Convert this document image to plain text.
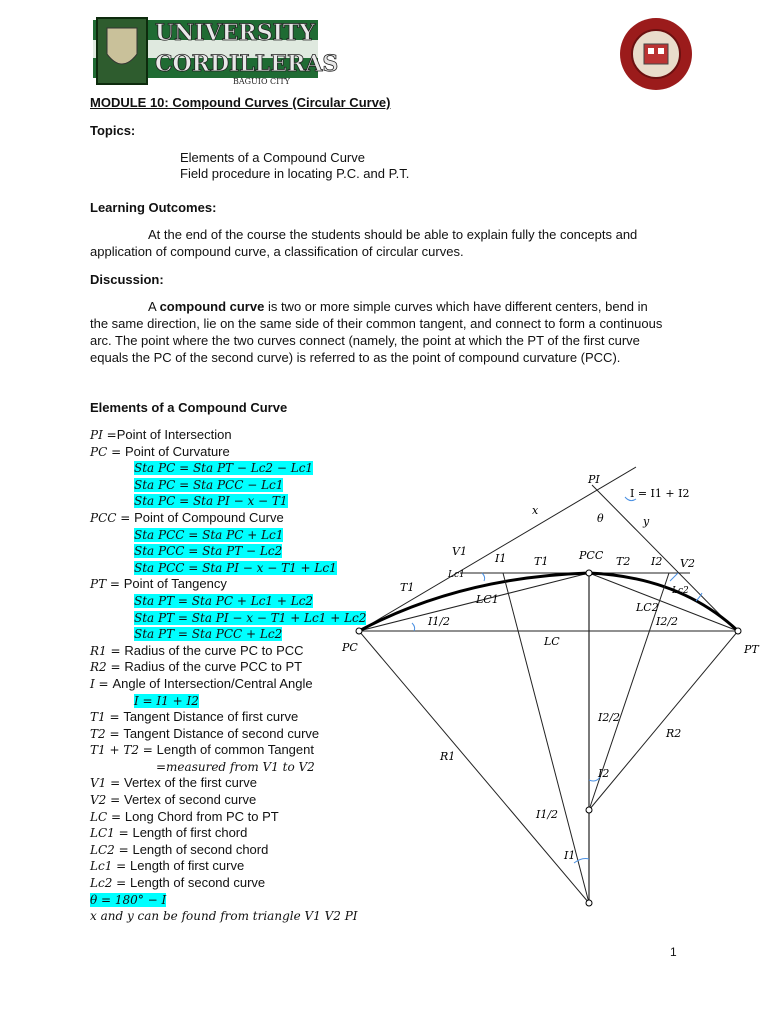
UNIVERSITY
CORDILLERAS
BAGUIO CITY
MODULE 10: Compound Curves (Circular Curve)
Topics:
Elements of a Compound Curve
Field procedure in locating P.C. and P.T.
Learning Outcomes:
At the end of the course the students should be able to explain fully the concepts and application of compound curve, a classification of circular curves.
Discussion:
A compound curve is two or more simple curves which have different centers, bend in the same direction, lie on the same side of their common tangent, and connect to form a continuous arc. The point where the two curves connect (namely, the point at which the PT of the first curve equals the PC of the second curve) is referred to as the point of compound curvature (PCC).
Elements of a Compound Curve
PI =Point of Intersection
PC = Point of Curvature
Sta PC = Sta PT − Lc2 − Lc1
Sta PC = Sta PCC − Lc1
Sta PC = Sta PI − x − T1
PCC = Point of Compound Curve
Sta PCC = Sta PC + Lc1
Sta PCC = Sta PT − Lc2
Sta PCC = Sta PI − x − T1 + Lc1
PT = Point of Tangency
Sta PT = Sta PC + Lc1 + Lc2
Sta PT = Sta PI − x − T1 + Lc1 + Lc2
Sta PT = Sta PCC + Lc2
R1 = Radius of the curve PC to PCC
R2 = Radius of the curve PCC to PT
I = Angle of Intersection/Central Angle
I = I1 + I2
T1 = Tangent Distance of first curve
T2 = Tangent Distance of second curve
T1 + T2 = Length of common Tangent
=measured from V1 to V2
V1 = Vertex of the first curve
V2 = Vertex of second curve
LC = Long Chord from PC to PT
LC1 = Length of first chord
LC2 = Length of second chord
Lc1 = Length of first curve
Lc2 = Length of second curve
θ = 180° − I
x and y can be found from triangle V1 V2 PI
PI
I = I1 + I2
θ
x
y
V1
V2
PCC
T1	T2
T1
I1	I2
Lc1
Lc2
LC1
LC2
I1/2	I2/2
PC	PT
LC
R1
R2
I2/2
I2
I1/2
I1
1
